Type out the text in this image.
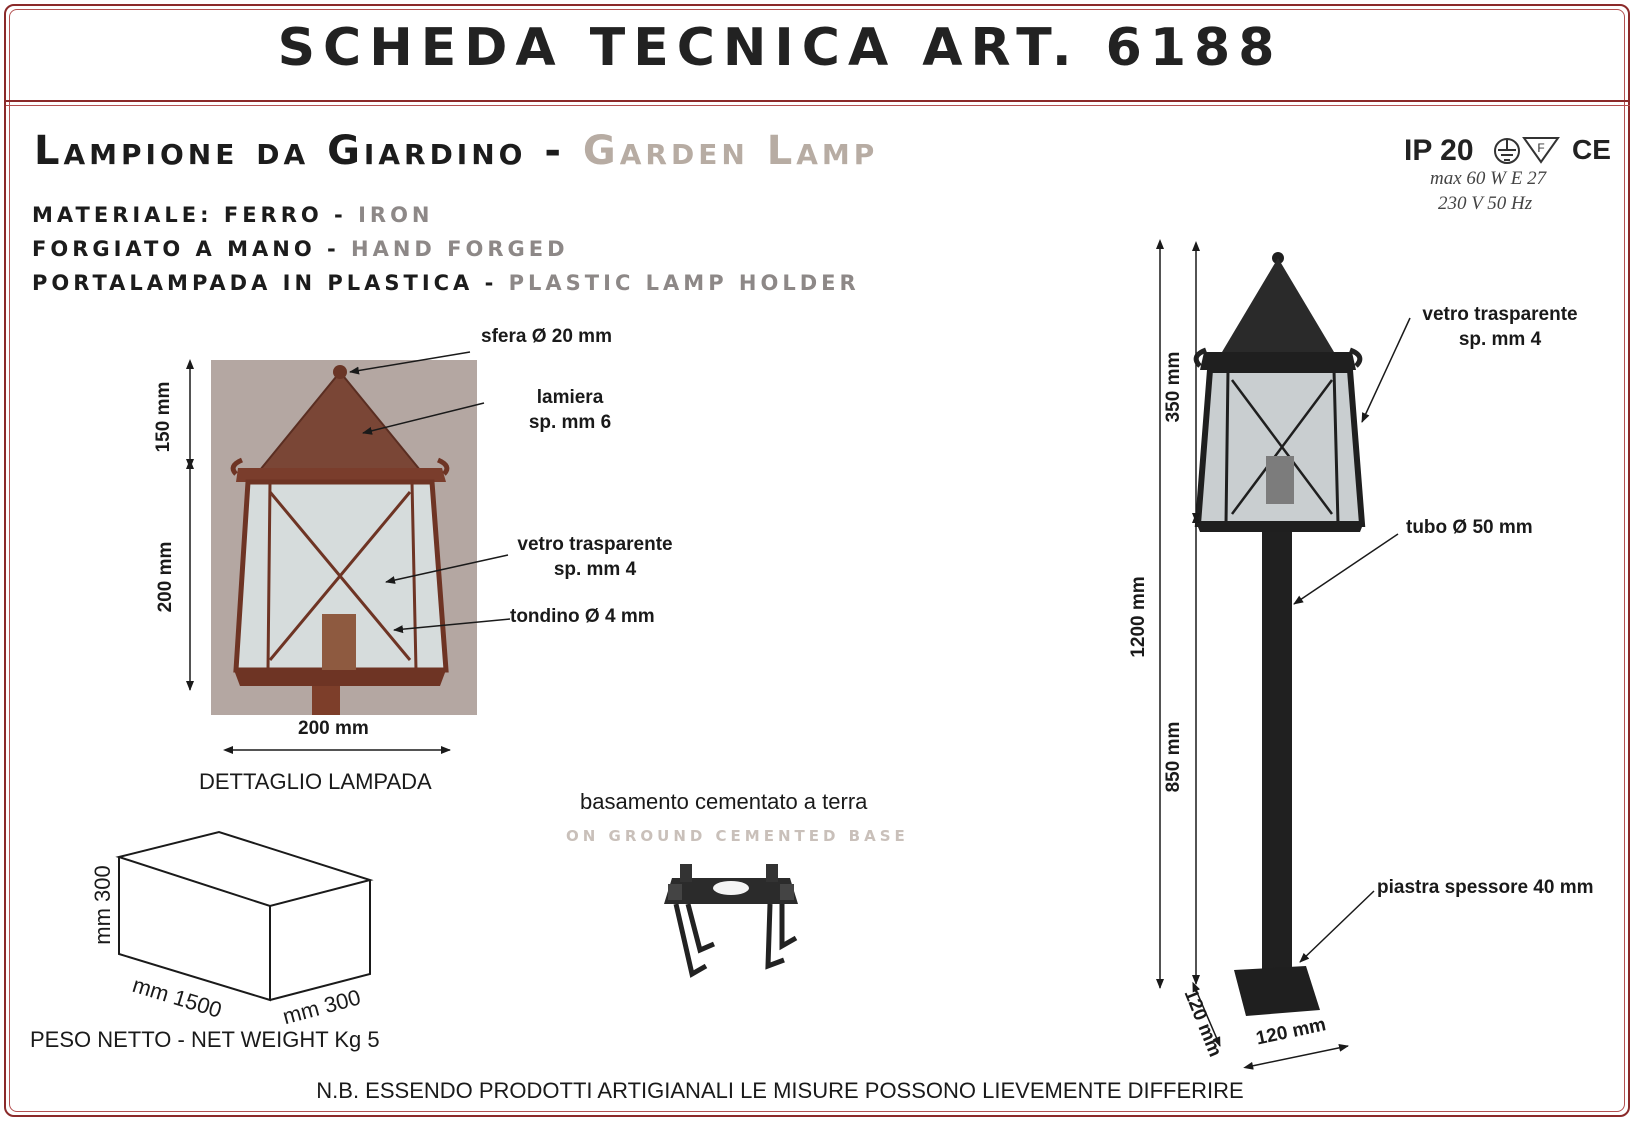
SCHEDA TECNICA ART. 6188
Lampione da Giardino - Garden Lamp
MATERIALE: FERRO - IRON
FORGIATO A MANO - HAND FORGED
PORTALAMPADA IN PLASTICA - PLASTIC LAMP HOLDER
IP 20	F CE
max 60 W E 27
230 V 50 Hz
sfera Ø 20 mm
lamiera
sp. mm 6
vetro trasparente
sp. mm 4
tondino Ø 4 mm
150 mm
200 mm
200 mm
DETTAGLIO LAMPADA
basamento cementato a terra
ON GROUND CEMENTED BASE
mm 300
mm 1500	mm 300
PESO NETTO - NET WEIGHT Kg 5
vetro trasparente
sp. mm 4
tubo Ø 50 mm
piastra spessore 40 mm
350 mm
1200 mm
850 mm
120 mm 120 mm
N.B. ESSENDO PRODOTTI ARTIGIANALI LE MISURE POSSONO LIEVEMENTE DIFFERIRE
